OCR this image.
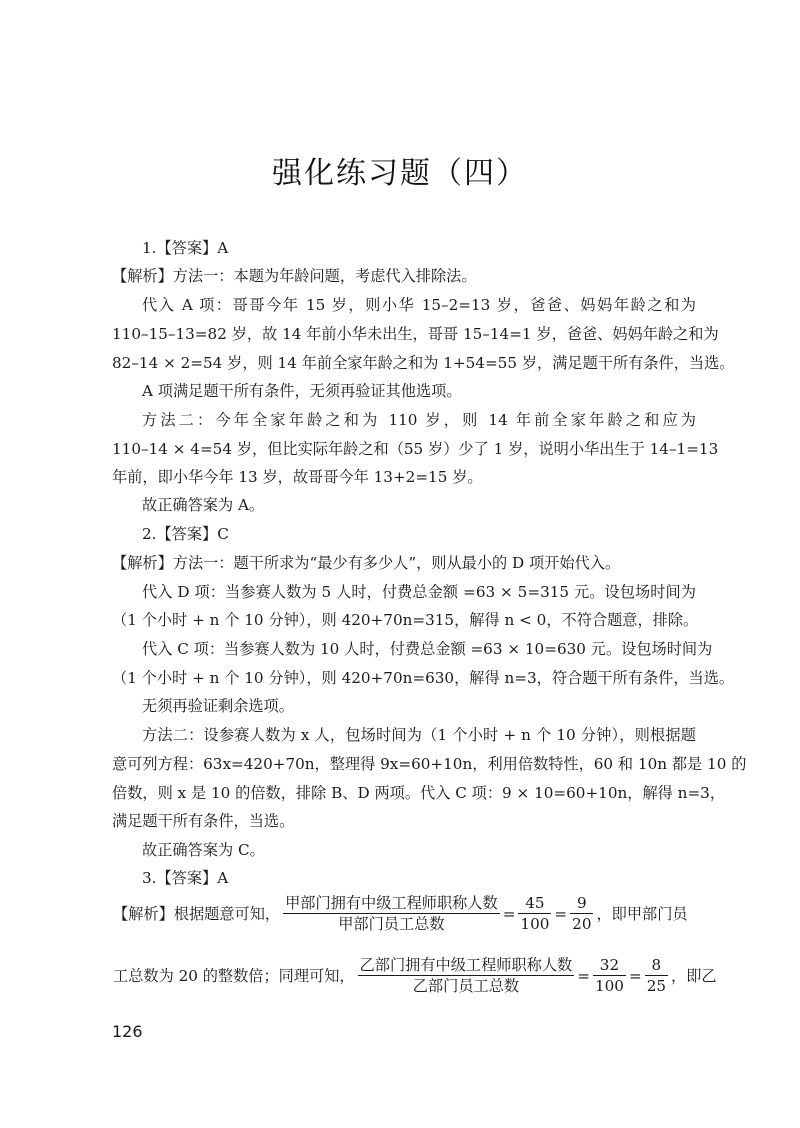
强化练习题（四）
1.【答案】A
【解析】方法一：本题为年龄问题，考虑代入排除法。
代入 A 项：哥哥今年 15 岁，则小华 15–2=13 岁，爸爸、妈妈年龄之和为
110–15–13=82 岁，故 14 年前小华未出生，哥哥 15–14=1 岁，爸爸、妈妈年龄之和为
82–14 × 2=54 岁，则 14 年前全家年龄之和为 1+54=55 岁，满足题干所有条件，当选。
A 项满足题干所有条件，无须再验证其他选项。
方法二：今年全家年龄之和为 110 岁，则 14 年前全家年龄之和应为
110–14 × 4=54 岁，但比实际年龄之和（55 岁）少了 1 岁，说明小华出生于 14–1=13
年前，即小华今年 13 岁，故哥哥今年 13+2=15 岁。
故正确答案为 A。
2.【答案】C
【解析】方法一：题干所求为“最少有多少人”，则从最小的 D 项开始代入。
代入 D 项：当参赛人数为 5 人时，付费总金额 =63 × 5=315 元。设包场时间为
（1 个小时 + n 个 10 分钟），则 420+70n=315，解得 n < 0，不符合题意，排除。
代入 C 项：当参赛人数为 10 人时，付费总金额 =63 × 10=630 元。设包场时间为
（1 个小时 + n 个 10 分钟），则 420+70n=630，解得 n=3，符合题干所有条件，当选。
无须再验证剩余选项。
方法二：设参赛人数为 x 人，包场时间为（1 个小时 + n 个 10 分钟），则根据题
意可列方程：63x=420+70n，整理得 9x=60+10n，利用倍数特性，60 和 10n 都是 10 的
倍数，则 x 是 10 的倍数，排除 B、D 两项。代入 C 项：9 × 10=60+10n，解得 n=3，
满足题干所有条件，当选。
故正确答案为 C。
3.【答案】A
【解析】根据题意可知， $\frac{\text{甲部门拥有中级工程师职称人数}}{\text{甲部门员工总数}} = \frac{45}{100} = \frac{9}{20}$ ，即甲部门员
工总数为 20 的整数倍；同理可知， $\frac{\text{乙部门拥有中级工程师职称人数}}{\text{乙部门员工总数}} = \frac{32}{100} = \frac{8}{25}$ ，即乙
126
